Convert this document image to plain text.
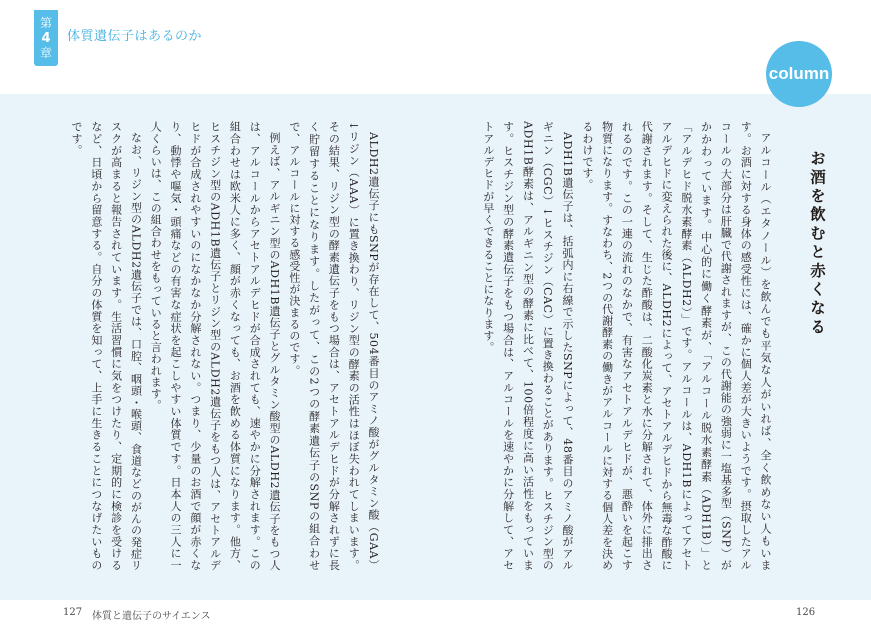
第
4
章
体質遺伝子はあるのか
column
お酒を飲むと赤くなる

アルコール（エタノール）を飲んでも平気な人がいれば、全く飲めない人もいます。お酒に対する身体の感受性には、確かに個人差が大きいようです。摂取したアルコールの大部分は肝臓で代謝されますが、この代謝能の強弱に一塩基多型（SNP）がかかわっています。中心的に働く酵素が、「アルコール脱水素酵素（ADH1B）」と「アルデヒド脱水素酵素（ALDH2）」です。アルコールは、ADH1Bによってアセトアルデヒドに変えられた後に、ALDH2によって、アセトアルデヒドから無毒な酢酸に代謝されます。そして、生じた酢酸は、二酸化炭素と水に分解されて、体外に排出されるのです。この一連の流れのなかで、有害なアセトアルデヒドが、悪酔いを起こす物質になります。すなわち、2つの代謝酵素の働きがアルコールに対する個人差を決めるわけです。

ADH1B遺伝子は、括弧内に右線で示したSNPによって、48番目のアミノ酸がアルギニン（CGC）↓ヒスチジン（CAC）に置き換わることがあります。ヒスチジン型のADH1B酵素は、アルギニン型の酵素に比べて、100倍程度に高い活性をもっています。ヒスチジン型の酵素遺伝子をもつ場合は、アルコールを速やかに分解して、アセトアルデヒドが早くできることになります。

ALDH2遺伝子にもSNPが存在して、504番目のアミノ酸がグルタミン酸（GAA）↓リジン（AAA）に置き換わり、リジン型の酵素の活性はほぼ失われてしまいます。その結果、リジン型の酵素遺伝子をもつ場合は、アセトアルデヒドが分解されずに長く貯留することになります。したがって、この2つの酵素遺伝子のSNPの組合わせで、アルコールに対する感受性が決まるのです。

例えば、アルギニン型のADH1B遺伝子とグルタミン酸型のALDH2遺伝子をもつ人は、アルコールからアセトアルデヒドが合成されても、速やかに分解されます。この組合わせは欧米人に多く、顔が赤くなっても、お酒を飲める体質になります。他方、ヒスチジン型のADH1B遺伝子とリジン型のALDH2遺伝子をもつ人は、アセトアルデヒドが合成されやすいのになかなか分解されない。つまり、少量のお酒で顔が赤くなり、動悸や嘔気・頭痛などの有害な症状を起こしやすい体質です。日本人の三人に一人くらいは、この組合わせをもっていると言われます。

なお、リジン型のALDH2遺伝子では、口腔、咽頭・喉頭、食道などのがんの発症リスクが高まると報告されています。生活習慣に気をつけたり、定期的に検診を受けるなど、日頃から留意する。自分の体質を知って、上手に生きることにつなげたいものです。

127 体質と遺伝子のサイエンス	126
